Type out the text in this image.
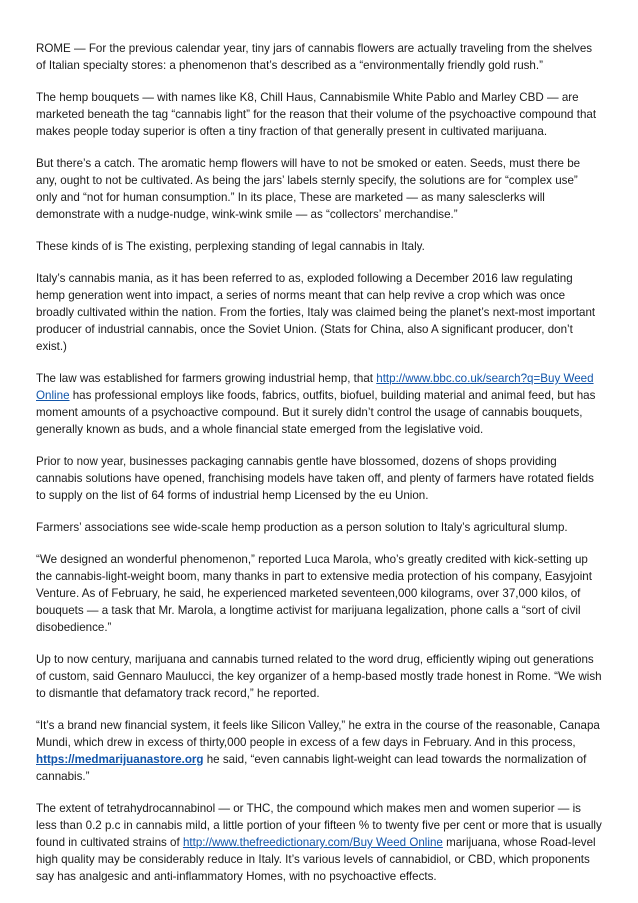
ROME — For the previous calendar year, tiny jars of cannabis flowers are actually traveling from the shelves of Italian specialty stores: a phenomenon that’s described as a “environmentally friendly gold rush.”

The hemp bouquets — with names like K8, Chill Haus, Cannabismile White Pablo and Marley CBD — are marketed beneath the tag “cannabis light” for the reason that their volume of the psychoactive compound that makes people today superior is often a tiny fraction of that generally present in cultivated marijuana.

But there’s a catch. The aromatic hemp flowers will have to not be smoked or eaten. Seeds, must there be any, ought to not be cultivated. As being the jars’ labels sternly specify, the solutions are for “complex use” only and “not for human consumption.” In its place, These are marketed — as many salesclerks will demonstrate with a nudge-nudge, wink-wink smile — as “collectors’ merchandise.”

These kinds of is The existing, perplexing standing of legal cannabis in Italy.

Italy’s cannabis mania, as it has been referred to as, exploded following a December 2016 law regulating hemp generation went into impact, a series of norms meant that can help revive a crop which was once broadly cultivated within the nation. From the forties, Italy was claimed being the planet’s next-most important producer of industrial cannabis, once the Soviet Union. (Stats for China, also A significant producer, don’t exist.)

The law was established for farmers growing industrial hemp, that http://www.bbc.co.uk/search?q=Buy Weed Online has professional employs like foods, fabrics, outfits, biofuel, building material and animal feed, but has moment amounts of a psychoactive compound. But it surely didn’t control the usage of cannabis bouquets, generally known as buds, and a whole financial state emerged from the legislative void.

Prior to now year, businesses packaging cannabis gentle have blossomed, dozens of shops providing cannabis solutions have opened, franchising models have taken off, and plenty of farmers have rotated fields to supply on the list of 64 forms of industrial hemp Licensed by the eu Union.

Farmers’ associations see wide-scale hemp production as a person solution to Italy’s agricultural slump.

“We designed an wonderful phenomenon,” reported Luca Marola, who’s greatly credited with kick-setting up the cannabis-light-weight boom, many thanks in part to extensive media protection of his company, Easyjoint Venture. As of February, he said, he experienced marketed seventeen,000 kilograms, over 37,000 kilos, of bouquets — a task that Mr. Marola, a longtime activist for marijuana legalization, phone calls a “sort of civil disobedience.”

Up to now century, marijuana and cannabis turned related to the word drug, efficiently wiping out generations of custom, said Gennaro Maulucci, the key organizer of a hemp-based mostly trade honest in Rome. “We wish to dismantle that defamatory track record,” he reported.

“It’s a brand new financial system, it feels like Silicon Valley,” he extra in the course of the reasonable, Canapa Mundi, which drew in excess of thirty,000 people in excess of a few days in February. And in this process, https://medmarijuanastore.org he said, “even cannabis light-weight can lead towards the normalization of cannabis.”

The extent of tetrahydrocannabinol — or THC, the compound which makes men and women superior — is less than 0.2 p.c in cannabis mild, a little portion of your fifteen % to twenty five per cent or more that is usually found in cultivated strains of http://www.thefreedictionary.com/Buy Weed Online marijuana, whose Road-level high quality may be considerably reduce in Italy. It’s various levels of cannabidiol, or CBD, which proponents say has analgesic and anti-inflammatory Homes, with no psychoactive effects.
